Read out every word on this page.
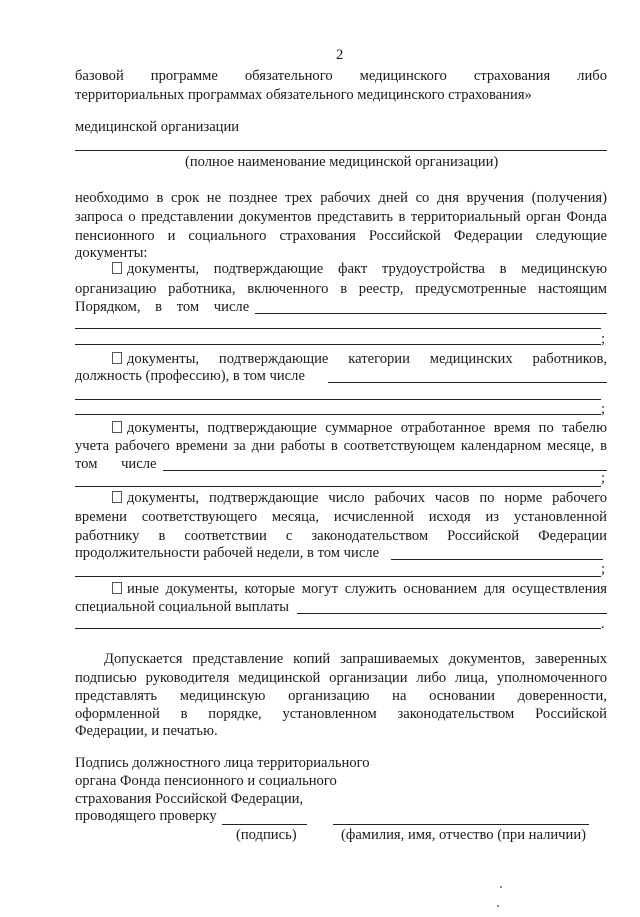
2
базовой программе обязательного медицинского страхования либо
территориальных программах обязательного медицинского страхования»
медицинской организации
(полное наименование медицинской организации)
необходимо в срок не позднее трех рабочих дней со дня вручения (получения)
запроса о представлении документов представить в территориальный орган Фонда
пенсионного и социального страхования Российской Федерации следующие
документы:
документы, подтверждающие факт трудоустройства в медицинскую
организацию работника, включенного в реестр, предусмотренные настоящим
Порядком, в том числе
;
документы, подтверждающие категории медицинских работников,
должность (профессию), в том числе
;
документы, подтверждающие суммарное отработанное время по табелю
учета рабочего времени за дни работы в соответствующем календарном месяце, в
том числе
;
документы, подтверждающие число рабочих часов по норме рабочего
времени соответствующего месяца, исчисленной исходя из установленной
работнику в соответствии с законодательством Российской Федерации
продолжительности рабочей недели, в том числе
;
иные документы, которые могут служить основанием для осуществления
специальной социальной выплаты
.
Допускается представление копий запрашиваемых документов, заверенных
подписью руководителя медицинской организации либо лица, уполномоченного
представлять медицинскую организацию на основании доверенности,
оформленной в порядке, установленном законодательством Российской
Федерации, и печатью.
Подпись должностного лица территориального
органа Фонда пенсионного и социального
страхования Российской Федерации,
проводящего проверку
(подпись)	(фамилия, имя, отчество (при наличии)
